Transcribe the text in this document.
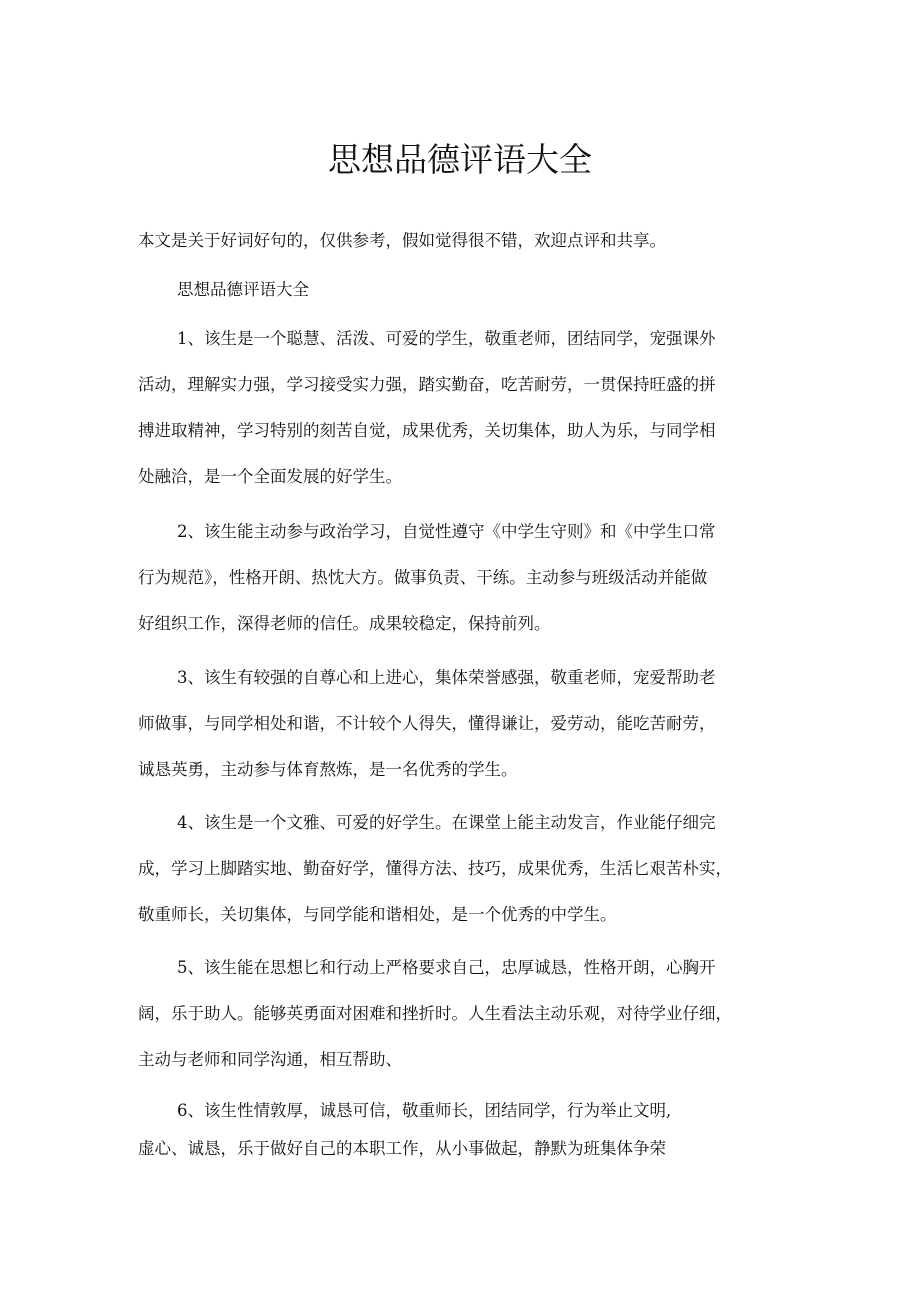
思想品德评语大全

本文是关于好词好句的，仅供参考，假如觉得很不错，欢迎点评和共享。

思想品德评语大全

1、该生是一个聪慧、活泼、可爱的学生，敬重老师，团结同学，宠强课外
活动，理解实力强，学习接受实力强，踏实勤奋，吃苦耐劳，一贯保持旺盛的拼
搏进取精神，学习特别的刻苦自觉，成果优秀，关切集体，助人为乐，与同学相
处融洽，是一个全面发展的好学生。
2、该生能主动参与政治学习，自觉性遵守《中学生守则》和《中学生口常
行为规范》，性格开朗、热忱大方。做事负责、干练。主动参与班级活动并能做
好组织工作，深得老师的信任。成果较稳定，保持前列。
3、该生有较强的自尊心和上进心，集体荣誉感强，敬重老师，宠爱帮助老
师做事，与同学相处和谐，不计较个人得失，懂得谦让，爱劳动，能吃苦耐劳，
诚恳英勇，主动参与体育熬炼，是一名优秀的学生。
4、该生是一个文雅、可爱的好学生。在课堂上能主动发言，作业能仔细完
成，学习上脚踏实地、勤奋好学，懂得方法、技巧，成果优秀，生活匕艰苦朴实，
敬重师长，关切集体，与同学能和谐相处，是一个优秀的中学生。
5、该生能在思想匕和行动上严格要求自己，忠厚诚恳，性格开朗，心胸开
阔，乐于助人。能够英勇面对困难和挫折时。人生看法主动乐观，对待学业仔细，
主动与老师和同学沟通，相互帮助、
6、该生性情敦厚，诚恳可信，敬重师长，团结同学，行为举止文明,
虚心、诚恳，乐于做好自己的本职工作，从小事做起，静默为班集体争荣
